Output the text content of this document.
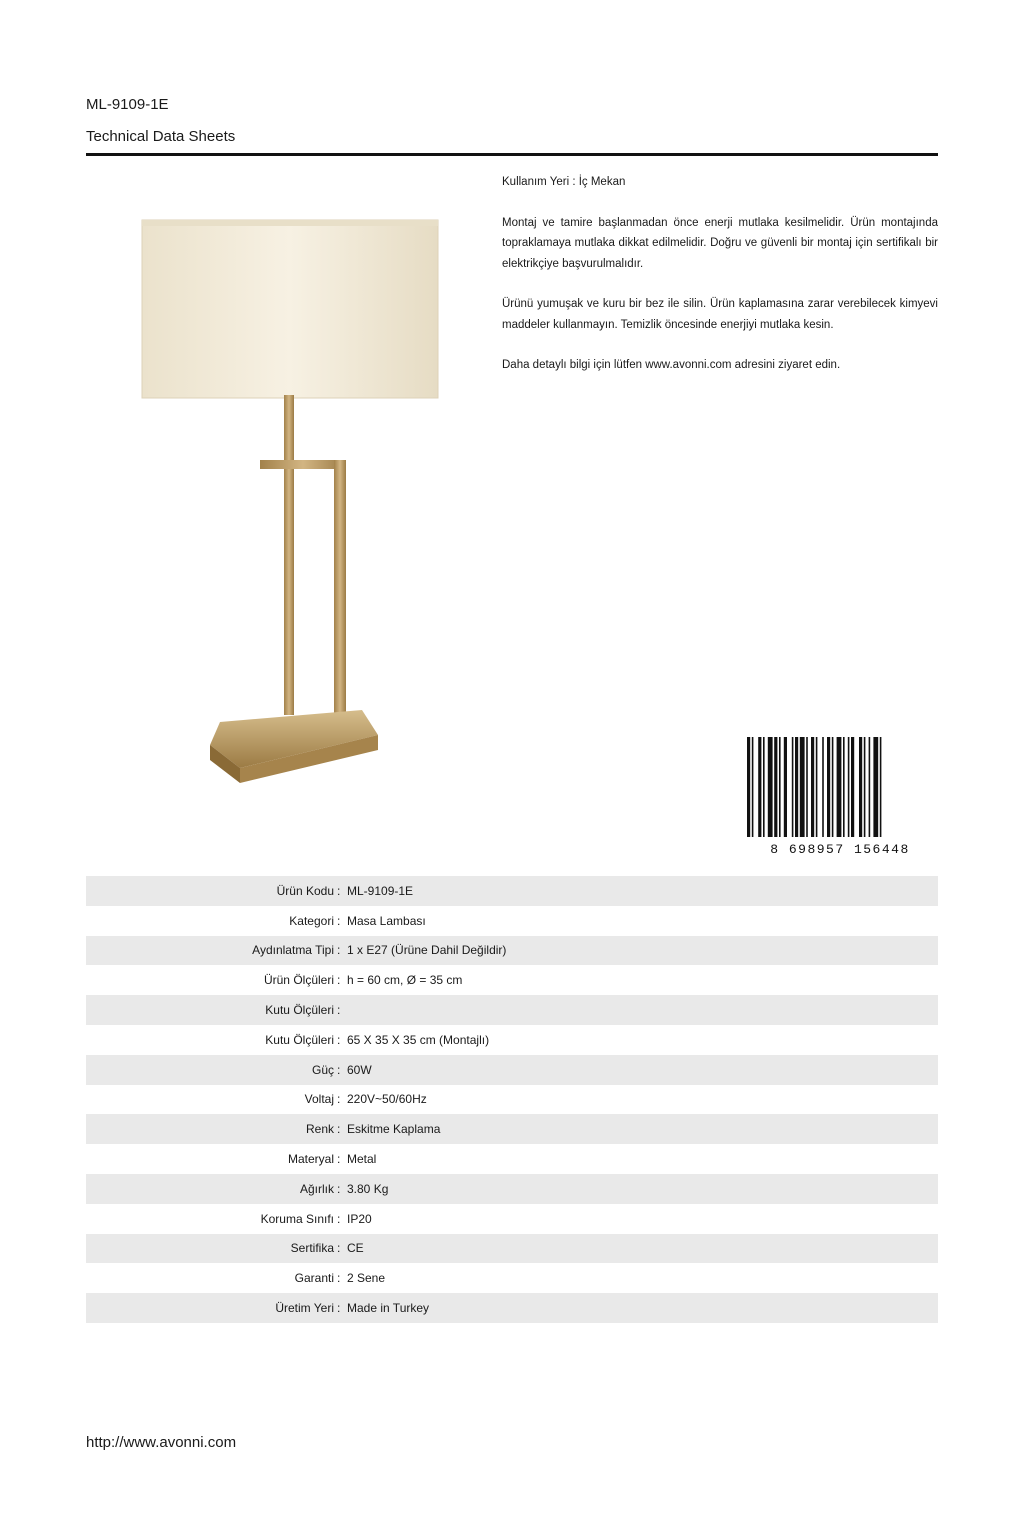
ML-9109-1E
Technical Data Sheets

Kullanım Yeri : İç Mekan

Montaj ve tamire başlanmadan önce enerji mutlaka kesilmelidir. Ürün montajında topraklamaya mutlaka dikkat edilmelidir. Doğru ve güvenli bir montaj için sertifikalı bir elektrikçiye başvurulmalıdır.

Ürünü yumuşak ve kuru bir bez ile silin. Ürün kaplamasına zarar verebilecek kimyevi maddeler kullanmayın. Temizlik öncesinde enerjiyi mutlaka kesin.

Daha detaylı bilgi için lütfen www.avonni.com adresini ziyaret edin.

8 698957 156448
Ürün Kodu : ML-9109-1E
Kategori : Masa Lambası
Aydınlatma Tipi : 1 x E27 (Ürüne Dahil Değildir)
Ürün Ölçüleri : h = 60 cm, Ø = 35 cm
Kutu Ölçüleri :
Kutu Ölçüleri : 65 X 35 X 35 cm (Montajlı)
Güç : 60W
Voltaj : 220V~50/60Hz
Renk : Eskitme Kaplama
Materyal : Metal
Ağırlık : 3.80 Kg
Koruma Sınıfı : IP20
Sertifika : CE
Garanti : 2 Sene
Üretim Yeri : Made in Turkey
http://www.avonni.com
